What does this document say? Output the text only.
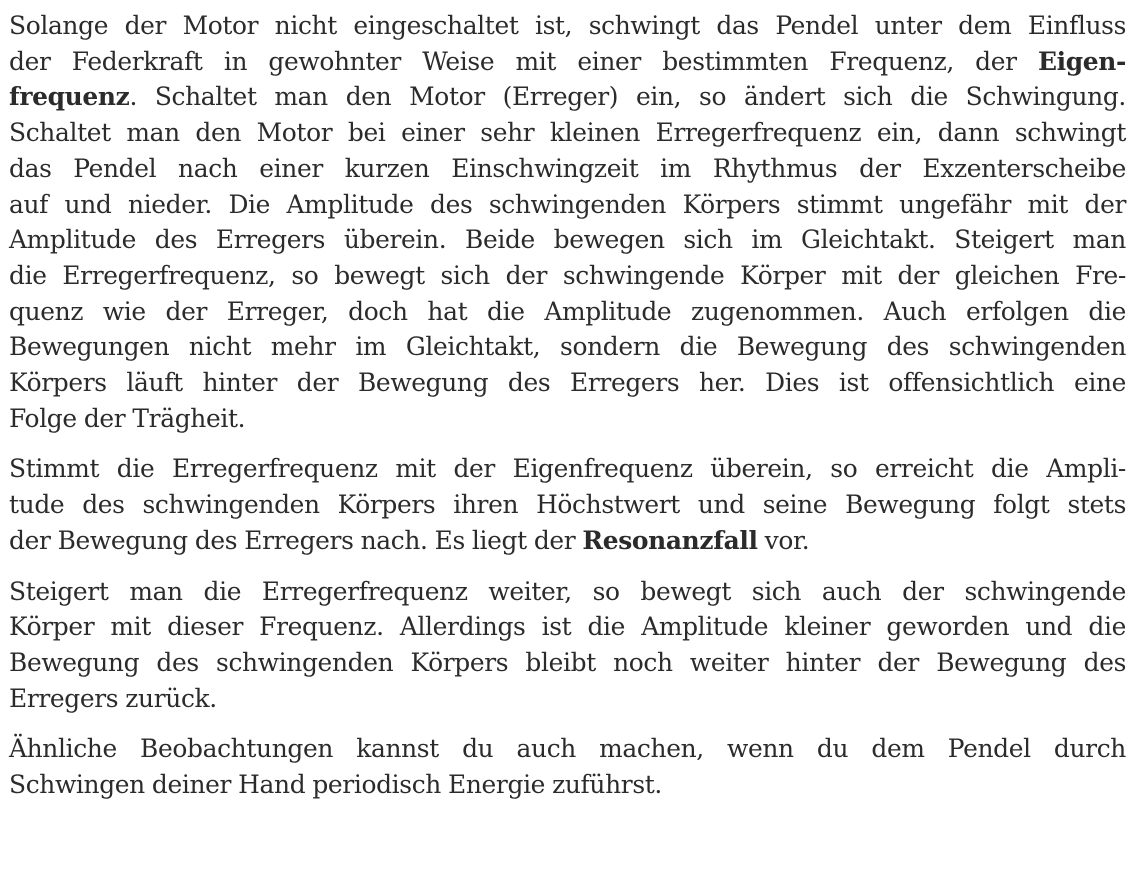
Solange der Motor nicht eingeschaltet ist, schwingt das Pendel unter dem Einfluss
der Federkraft in gewohnter Weise mit einer bestimmten Frequenz, der Eigen-
frequenz. Schaltet man den Motor (Erreger) ein, so ändert sich die Schwingung.
Schaltet man den Motor bei einer sehr kleinen Erregerfrequenz ein, dann schwingt
das Pendel nach einer kurzen Einschwingzeit im Rhythmus der Exzenterscheibe
auf und nieder. Die Amplitude des schwingenden Körpers stimmt ungefähr mit der
Amplitude des Erregers überein. Beide bewegen sich im Gleichtakt. Steigert man
die Erregerfrequenz, so bewegt sich der schwingende Körper mit der gleichen Fre-
quenz wie der Erreger, doch hat die Amplitude zugenommen. Auch erfolgen die
Bewegungen nicht mehr im Gleichtakt, sondern die Bewegung des schwingenden
Körpers läuft hinter der Bewegung des Erregers her. Dies ist offensichtlich eine
Folge der Trägheit.

Stimmt die Erregerfrequenz mit der Eigenfrequenz überein, so erreicht die Ampli-
tude des schwingenden Körpers ihren Höchstwert und seine Bewegung folgt stets
der Bewegung des Erregers nach. Es liegt der Resonanzfall vor.

Steigert man die Erregerfrequenz weiter, so bewegt sich auch der schwingende
Körper mit dieser Frequenz. Allerdings ist die Amplitude kleiner geworden und die
Bewegung des schwingenden Körpers bleibt noch weiter hinter der Bewegung des
Erregers zurück.

Ähnliche Beobachtungen kannst du auch machen, wenn du dem Pendel durch
Schwingen deiner Hand periodisch Energie zuführst.
